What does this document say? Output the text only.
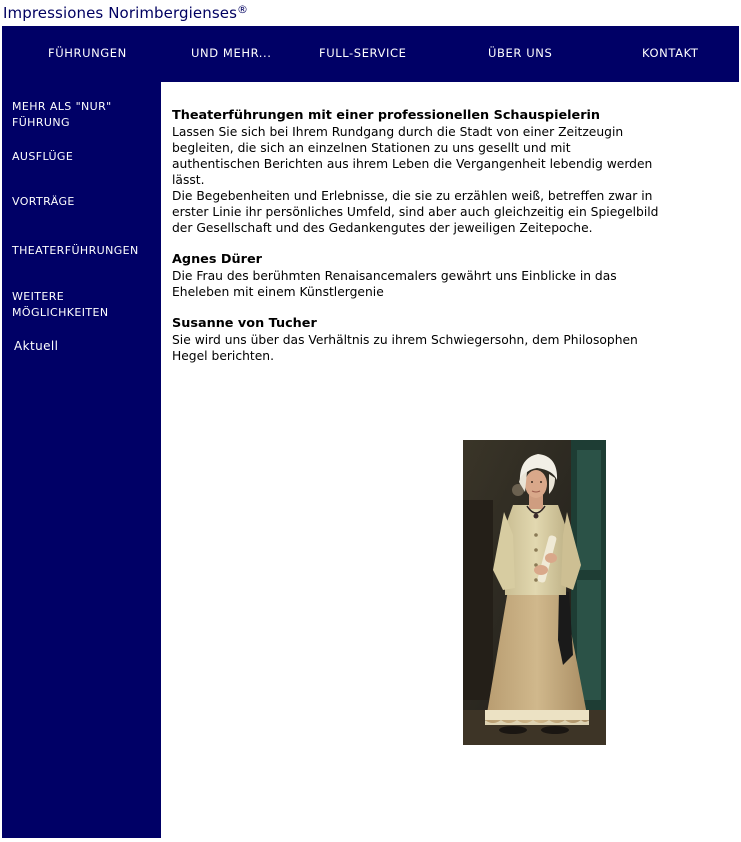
Impressiones Norimbergienses®
FÜHRUNGEN	UND MEHR...	FULL-SERVICE	ÜBER UNS	KONTAKT
MEHR ALS "NUR" FÜHRUNG
AUSFLÜGE
VORTRÄGE
THEATERFÜHRUNGEN
WEITERE MÖGLICHKEITEN
Aktuell

Theaterführungen mit einer professionellen Schauspielerin

Lassen Sie sich bei Ihrem Rundgang durch die Stadt von einer Zeitzeugin begleiten, die sich an einzelnen Stationen zu uns gesellt und mit authentischen Berichten aus ihrem Leben die Vergangenheit lebendig werden lässt.

Die Begebenheiten und Erlebnisse, die sie zu erzählen weiß, betreffen zwar in erster Linie ihr persönliches Umfeld, sind aber auch gleichzeitig ein Spiegelbild der Gesellschaft und des Gedankengutes der jeweiligen Zeitepoche.

Agnes Dürer

Die Frau des berühmten Renaisancemalers gewährt uns Einblicke in das Eheleben mit einem Künstlergenie

Susanne von Tucher

Sie wird uns über das Verhältnis zu ihrem Schwiegersohn, dem Philosophen Hegel berichten.
